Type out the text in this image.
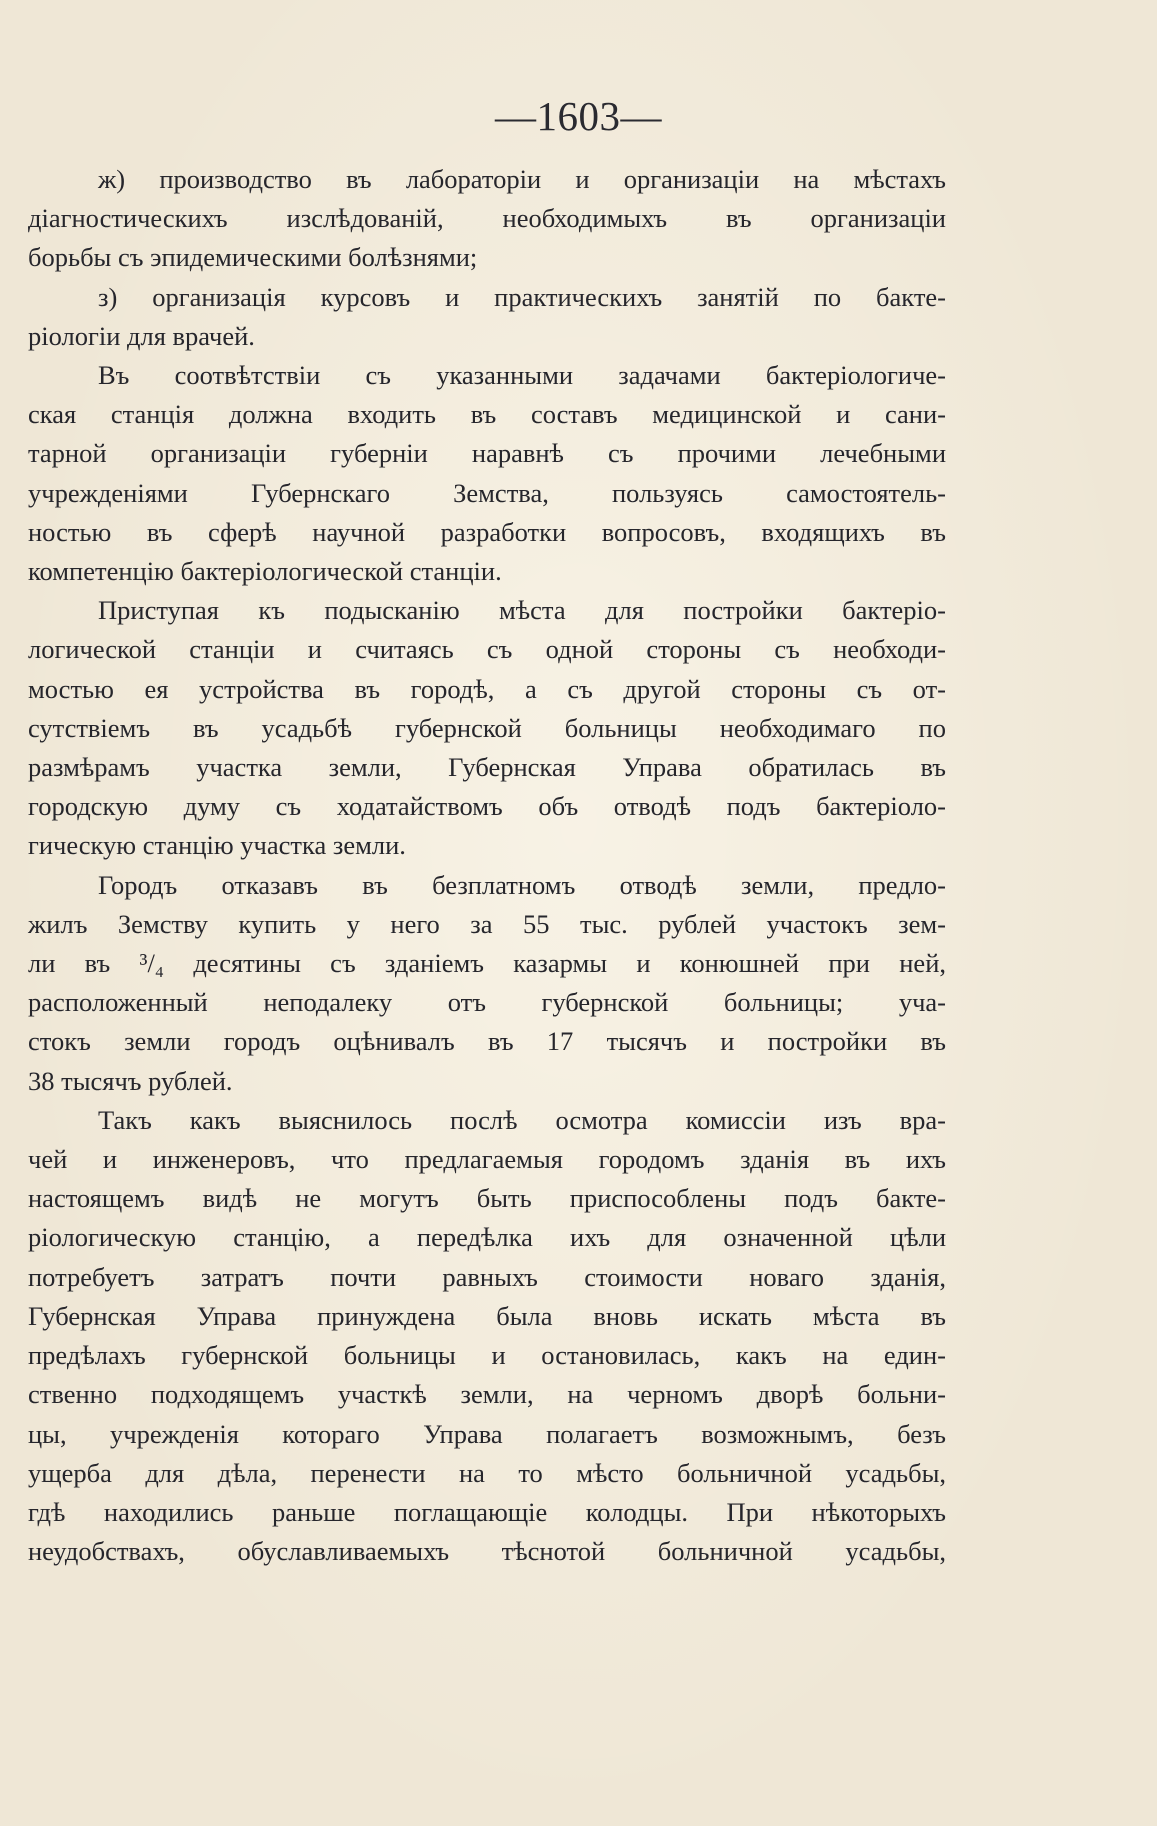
—1603—

ж) производство въ лабораторіи и организаціи на мѣстахъ
діагностическихъ изслѣдованій, необходимыхъ въ организаціи
борьбы съ эпидемическими болѣзнями;

з) организація курсовъ и практическихъ занятій по бакте-
ріологіи для врачей.

Въ соотвѣтствіи съ указанными задачами бактеріологиче-
ская станція должна входить въ составъ медицинской и сани-
тарной организаціи губерніи наравнѣ съ прочими лечебными
учрежденіями Губернскаго Земства, пользуясь самостоятель-
ностью въ сферѣ научной разработки вопросовъ, входящихъ въ
компетенцію бактеріологической станціи.

Приступая къ подысканію мѣста для постройки бактеріо-
логической станціи и считаясь съ одной стороны съ необходи-
мостью ея устройства въ городѣ, а съ другой стороны съ от-
сутствіемъ въ усадьбѣ губернской больницы необходимаго по
размѣрамъ участка земли, Губернская Управа обратилась въ
городскую думу съ ходатайствомъ объ отводѣ подъ бактеріоло-
гическую станцію участка земли.

Городъ отказавъ въ безплатномъ отводѣ земли, предло-
жилъ Земству купить у него за 55 тыс. рублей участокъ зем-
ли въ ³/₄ десятины съ зданіемъ казармы и конюшней при ней,
расположенный неподалеку отъ губернской больницы; уча-
стокъ земли городъ оцѣнивалъ въ 17 тысячъ и постройки въ
38 тысячъ рублей.

Такъ какъ выяснилось послѣ осмотра комиссіи изъ вра-
чей и инженеровъ, что предлагаемыя городомъ зданія въ ихъ
настоящемъ видѣ не могутъ быть приспособлены подъ бакте-
ріологическую станцію, а передѣлка ихъ для означенной цѣли
потребуетъ затратъ почти равныхъ стоимости новаго зданія,
Губернская Управа принуждена была вновь искать мѣста въ
предѣлахъ губернской больницы и остановилась, какъ на един-
ственно подходящемъ участкѣ земли, на черномъ дворѣ больни-
цы, учрежденія котораго Управа полагаетъ возможнымъ, безъ
ущерба для дѣла, перенести на то мѣсто больничной усадьбы,
гдѣ находились раньше поглащающіе колодцы. При нѣкоторыхъ
неудобствахъ, обуславливаемыхъ тѣснотой больничной усадьбы,
